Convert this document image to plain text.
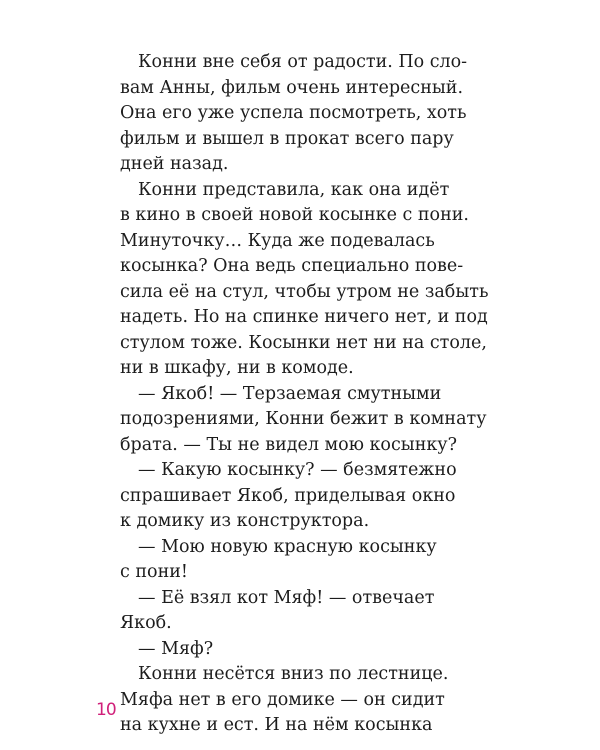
Конни вне себя от радости. По сло-
вам Анны, фильм очень интересный.
Она его уже успела посмотреть, хоть
фильм и вышел в прокат всего пару
дней назад.
Конни представила, как она идёт
в кино в своей новой косынке с пони.
Минуточку… Куда же подевалась
косынка? Она ведь специально пове-
сила её на стул, чтобы утром не забыть
надеть. Но на спинке ничего нет, и под
стулом тоже. Косынки нет ни на столе,
ни в шкафу, ни в комоде.
— Якоб! — Терзаемая смутными
подозрениями, Конни бежит в комнату
брата. — Ты не видел мою косынку?
— Какую косынку? — безмятежно
спрашивает Якоб, приделывая окно
к домику из конструктора.
— Мою новую красную косынку
с пони!
— Её взял кот Мяф! — отвечает
Якоб.
— Мяф?
Конни несётся вниз по лестнице.
Мяфа нет в его домике — он сидит
на кухне и ест. И на нём косынка
10
